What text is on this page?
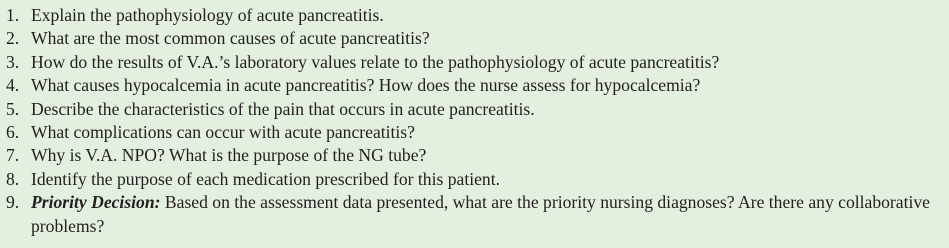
1. Explain the pathophysiology of acute pancreatitis.
2. What are the most common causes of acute pancreatitis?
3. How do the results of V.A.’s laboratory values relate to the pathophysiology of acute pancreatitis?
4. What causes hypocalcemia in acute pancreatitis? How does the nurse assess for hypocalcemia?
5. Describe the characteristics of the pain that occurs in acute pancreatitis.
6. What complications can occur with acute pancreatitis?
7. Why is V.A. NPO? What is the purpose of the NG tube?
8. Identify the purpose of each medication prescribed for this patient.
9. Priority Decision: Based on the assessment data presented, what are the priority nursing diagnoses? Are there any collaborative problems?
